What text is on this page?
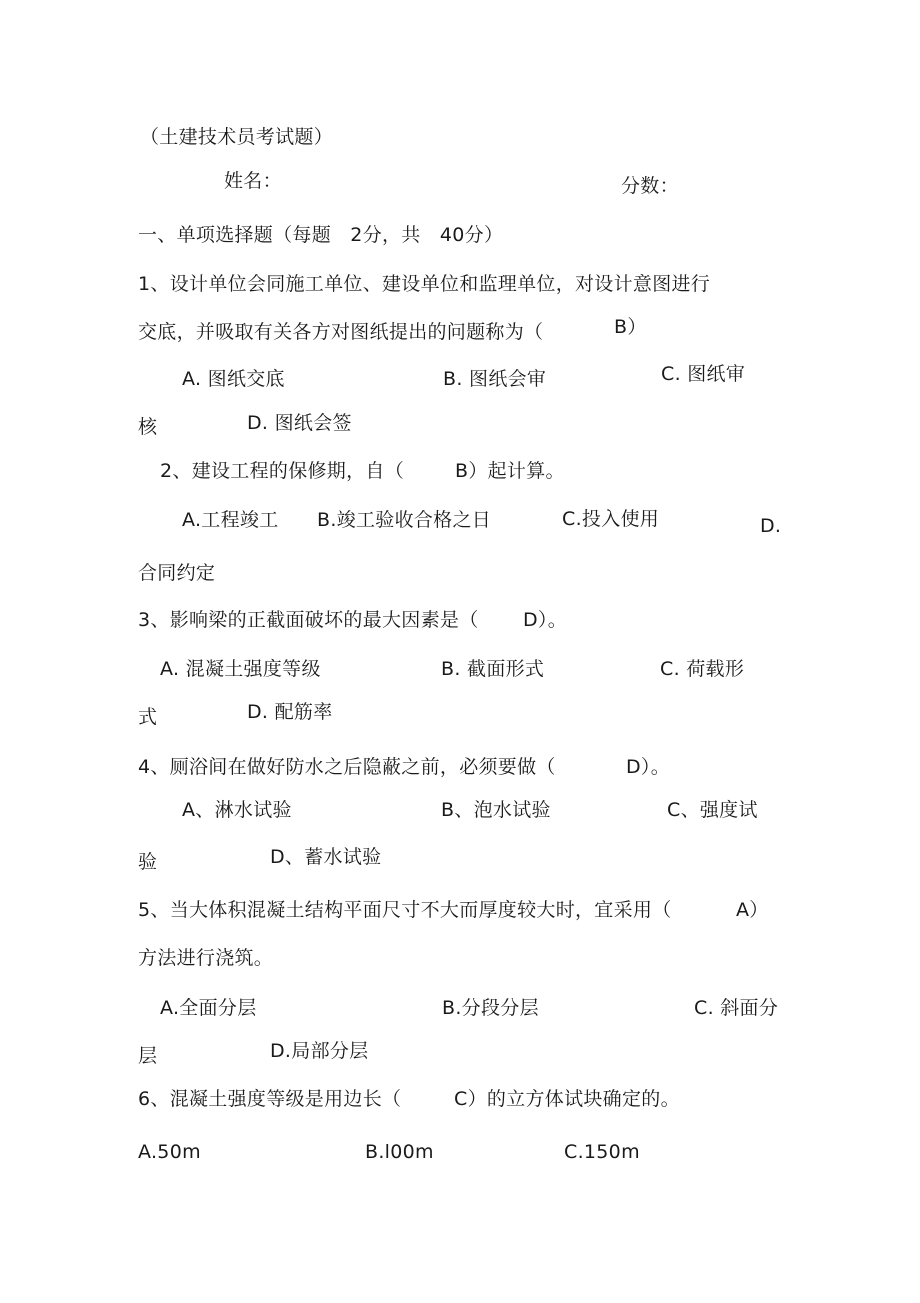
（土建技术员考试题）
姓名：	分数：
一、单项选择题（每题　2分，共　40分）
1、设计单位会同施工单位、建设单位和监理单位，对设计意图进行
交底，并吸取有关各方对图纸提出的问题称为（	B）
A. 图纸交底	B. 图纸会审	C. 图纸审
核	D. 图纸会签
2、建设工程的保修期，自（	B）起计算。
A.工程竣工 B.竣工验收合格之日	C.投入使用	D.
合同约定
3、影响梁的正截面破坏的最大因素是（ D）。
A. 混凝土强度等级	B. 截面形式	C. 荷载形
式	D. 配筋率
4、厕浴间在做好防水之后隐蔽之前，必须要做（	D）。
A、淋水试验	B、泡水试验	C、强度试
验	D、蓄水试验
5、当大体积混凝土结构平面尺寸不大而厚度较大时，宜采用（	A）
方法进行浇筑。
A.全面分层	B.分段分层	C. 斜面分
层	D.局部分层
6、混凝土强度等级是用边长（	C）的立方体试块确定的。
A.50m	B.l00m	C.150m
